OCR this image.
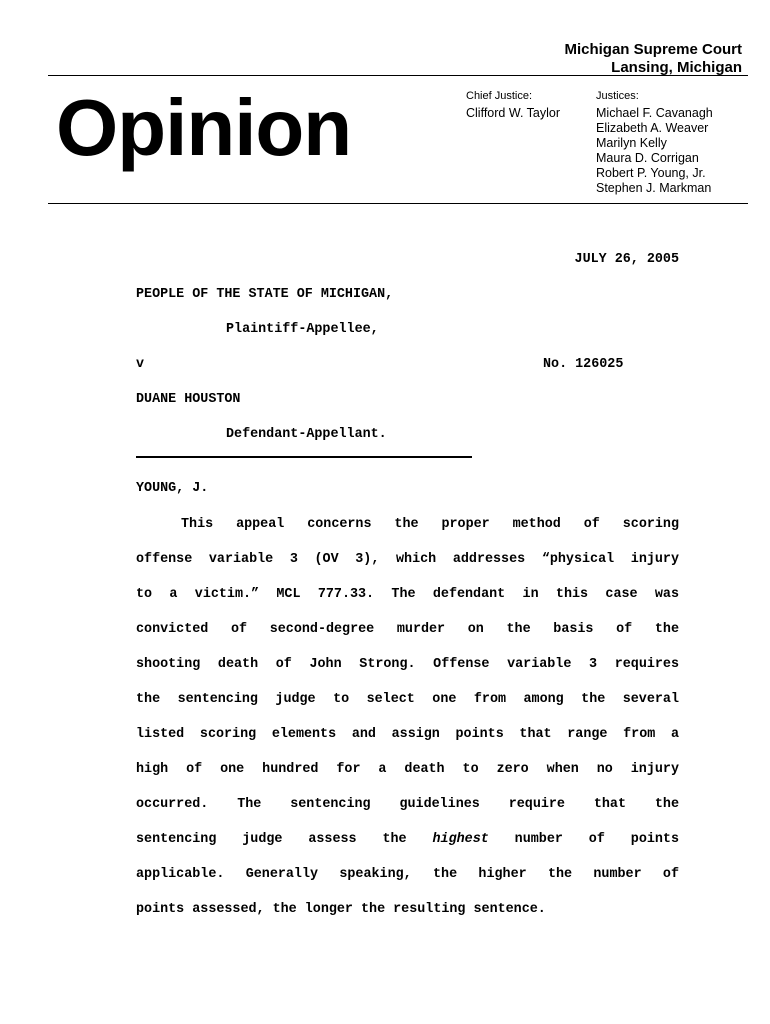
Michigan Supreme Court
Lansing, Michigan
Opinion	Chief Justice:
Clifford W. Taylor
Justices:
Michael F. Cavanagh
Elizabeth A. Weaver
Marilyn Kelly
Maura D. Corrigan
Robert P. Young, Jr.
Stephen J. Markman
JULY 26, 2005
PEOPLE OF THE STATE OF MICHIGAN,
Plaintiff-Appellee,
v	No. 126025
DUANE HOUSTON
Defendant-Appellant.
YOUNG, J.
This appeal concerns the proper method of scoring
offense variable 3 (OV 3), which addresses “physical injury
to a victim.” MCL 777.33. The defendant in this case was
convicted of second-degree murder on the basis of the
shooting death of John Strong. Offense variable 3 requires
the sentencing judge to select one from among the several
listed scoring elements and assign points that range from a
high of one hundred for a death to zero when no injury
occurred. The sentencing guidelines require that the
sentencing judge assess the highest number of points
applicable. Generally speaking, the higher the number of
points assessed, the longer the resulting sentence.
